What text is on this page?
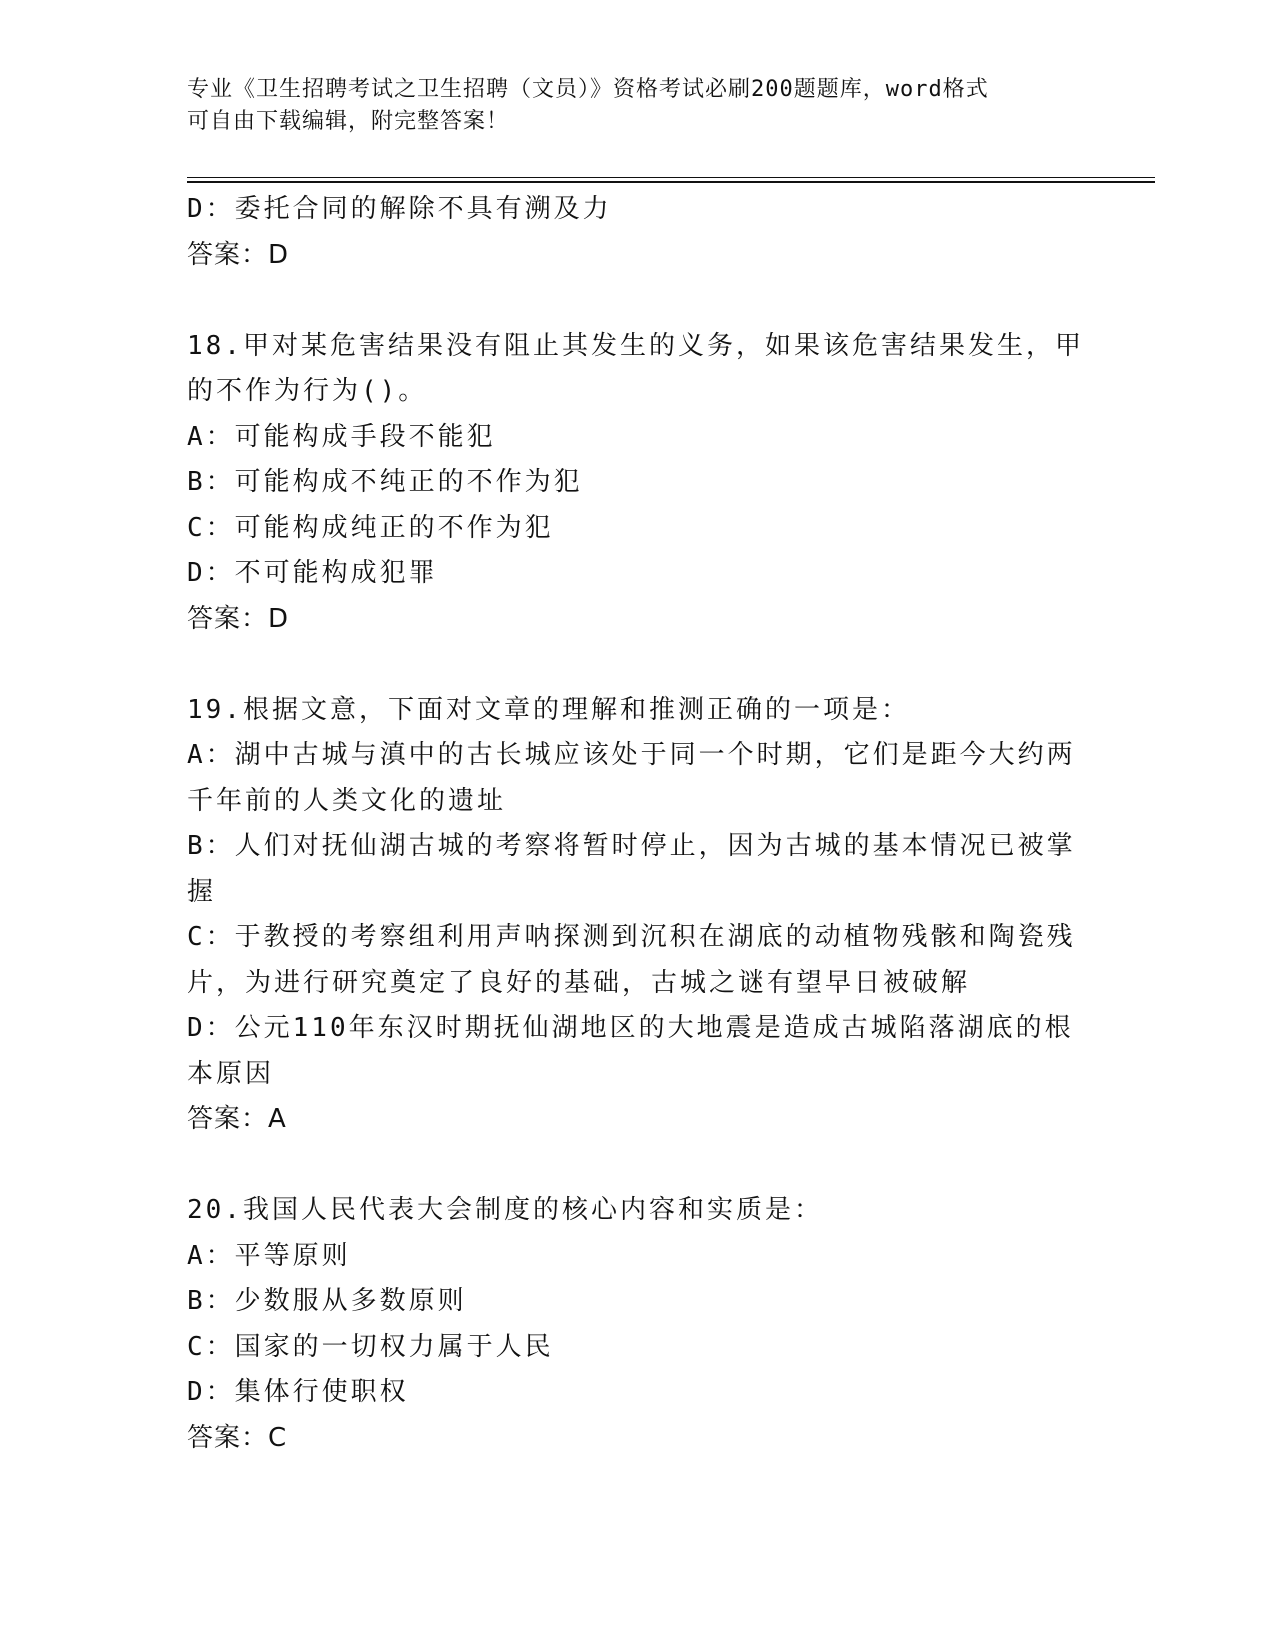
专业《卫生招聘考试之卫生招聘（文员）》资格考试必刷200题题库，word格式
可自由下载编辑，附完整答案！
D：委托合同的解除不具有溯及力
答案：D
18.甲对某危害结果没有阻止其发生的义务，如果该危害结果发生，甲
的不作为行为()。
A：可能构成手段不能犯
B：可能构成不纯正的不作为犯
C：可能构成纯正的不作为犯
D：不可能构成犯罪
答案：D
19.根据文意，下面对文章的理解和推测正确的一项是：
A：湖中古城与滇中的古长城应该处于同一个时期，它们是距今大约两
千年前的人类文化的遗址
B：人们对抚仙湖古城的考察将暂时停止，因为古城的基本情况已被掌
握
C：于教授的考察组利用声呐探测到沉积在湖底的动植物残骸和陶瓷残
片，为进行研究奠定了良好的基础，古城之谜有望早日被破解
D：公元110年东汉时期抚仙湖地区的大地震是造成古城陷落湖底的根
本原因
答案：A
20.我国人民代表大会制度的核心内容和实质是：
A：平等原则
B：少数服从多数原则
C：国家的一切权力属于人民
D：集体行使职权
答案：C
